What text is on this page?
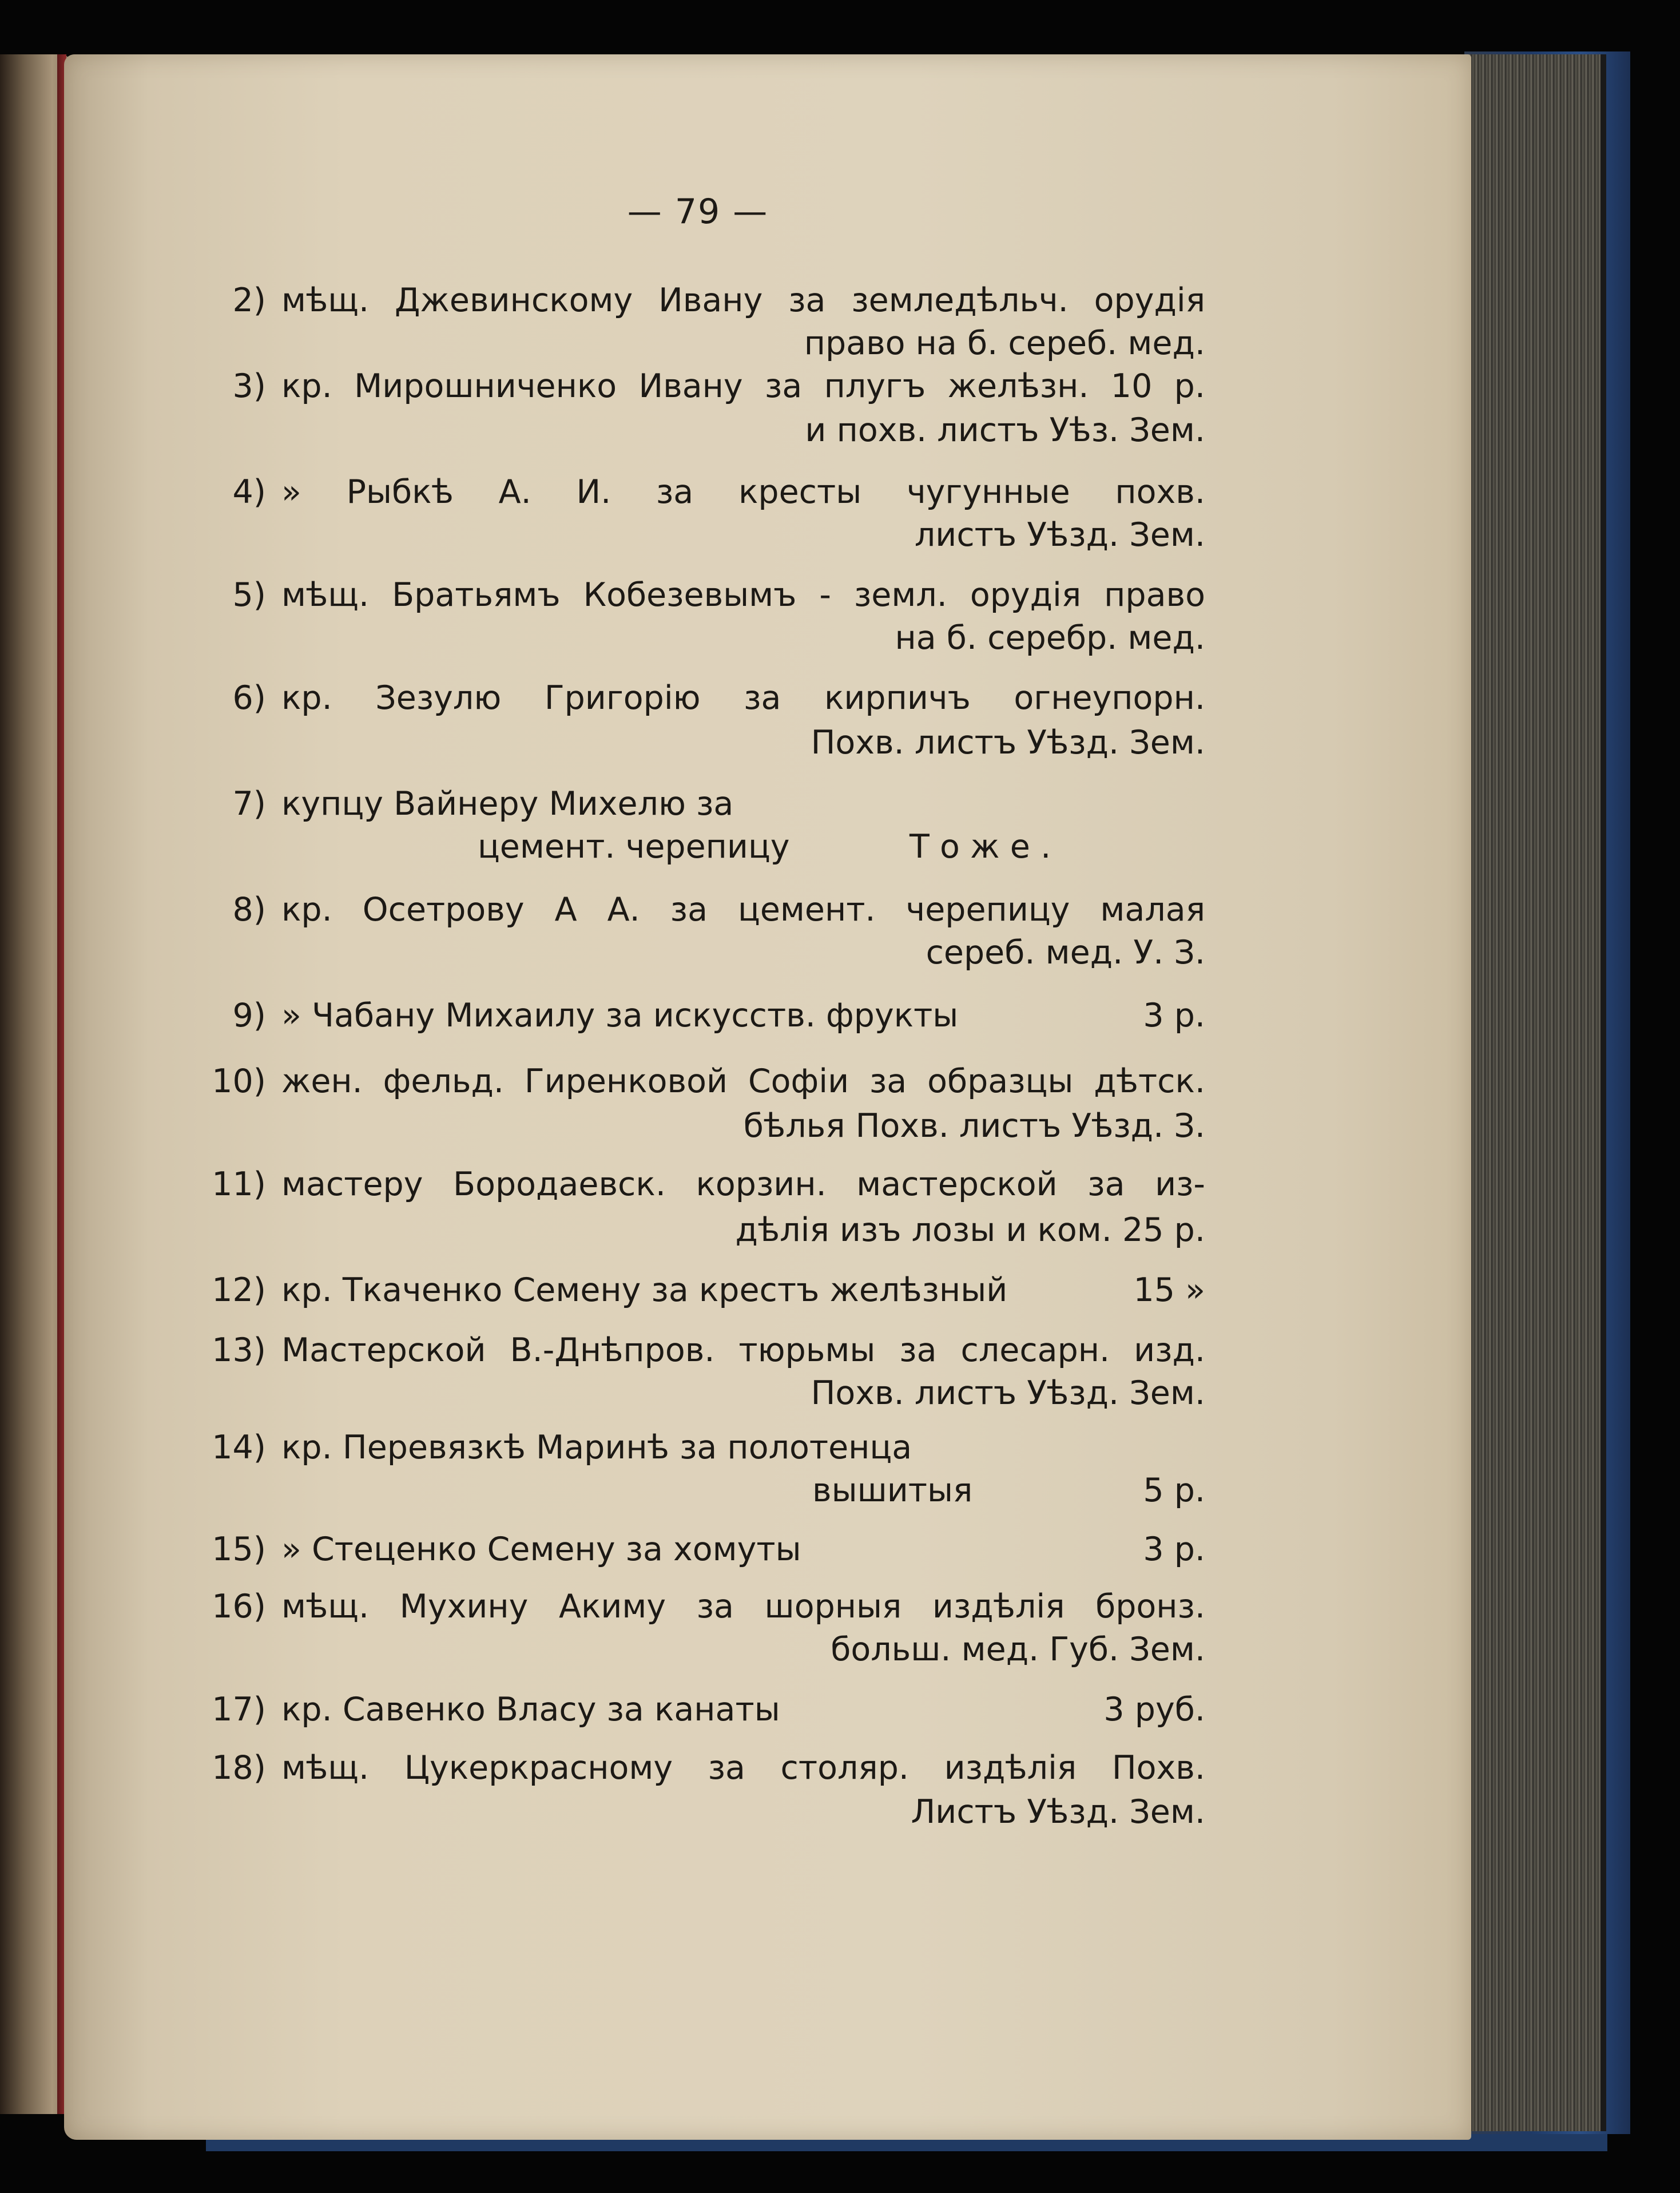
— 79 —
2) мѣщ. Джевинскому Ивану за земледѣльч. орудія
право на б. сереб. мед.
3) кр. Мирошниченко Ивану за плугъ желѣзн. 10 р.
и похв. листъ Уѣз. Зем.
4) » Рыбкѣ А. И. за кресты чугунные похв.
листъ Уѣзд. Зем.
5) мѣщ. Братьямъ Кобезевымъ - земл. орудія право
на б. серебр. мед.
6) кр. Зезулю Григорію за кирпичъ огнеупорн.
Похв. листъ Уѣзд. Зем.
7) купцу Вайнеру Михелю за
цемент. черепицу	Тоже.
8) кр. Осетрову А А. за цемент. черепицу малая
сереб. мед. У. З.
9) » Чабану Михаилу за искусств. фрукты	3 р.
10) жен. фельд. Гиренковой Софіи за образцы дѣтск.
бѣлья Похв. листъ Уѣзд. З.
11) мастеру Бородаевск. корзин. мастерской за из-
дѣлія изъ лозы и ком. 25 р.
12) кр. Ткаченко Семену за крестъ желѣзный	15 »
13) Мастерской В.-Днѣпров. тюрьмы за слесарн. изд.
Похв. листъ Уѣзд. Зем.
14) кр. Перевязкѣ Маринѣ за полотенца
вышитыя	5 р.
15) » Стеценко Семену за хомуты	3 р.
16) мѣщ. Мухину Акиму за шорныя издѣлія бронз.
больш. мед. Губ. Зем.
17) кр. Савенко Власу за канаты	3 руб.
18) мѣщ. Цукеркрасному за столяр. издѣлія Похв.
Листъ Уѣзд. Зем.
